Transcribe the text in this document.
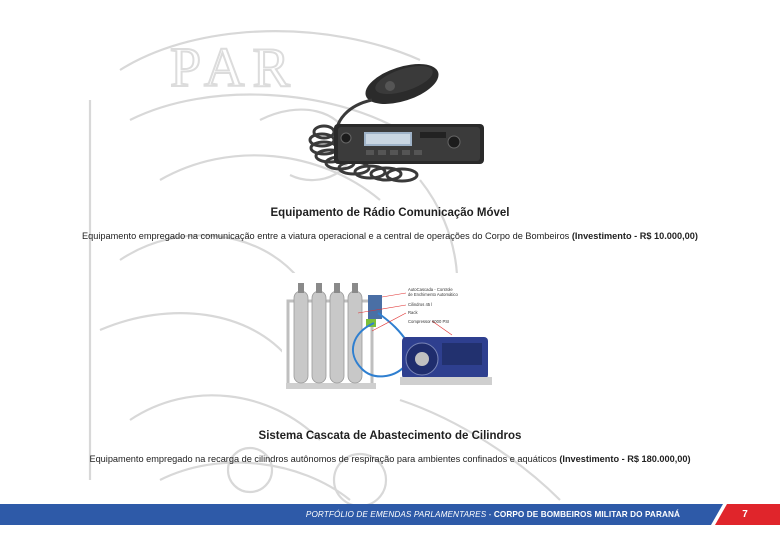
PAR
Equipamento de Rádio Comunicação Móvel
Equipamento empregado na comunicação entre a viatura operacional e a central de operações do Corpo de Bombeiros (Investimento - R$ 10.000,00)
AutoCascada - Controle
de Enchimento Automático
Cilindros 45 l
Rack
Compressor 6000 PSI
Sistema Cascata de Abastecimento de Cilindros
Equipamento empregado na recarga de cilindros autônomos de respiração para ambientes confinados e aquáticos (Investimento - R$ 180.000,00)
PORTFÓLIO DE EMENDAS PARLAMENTARES - CORPO DE BOMBEIROS MILITAR DO PARANÁ	7
